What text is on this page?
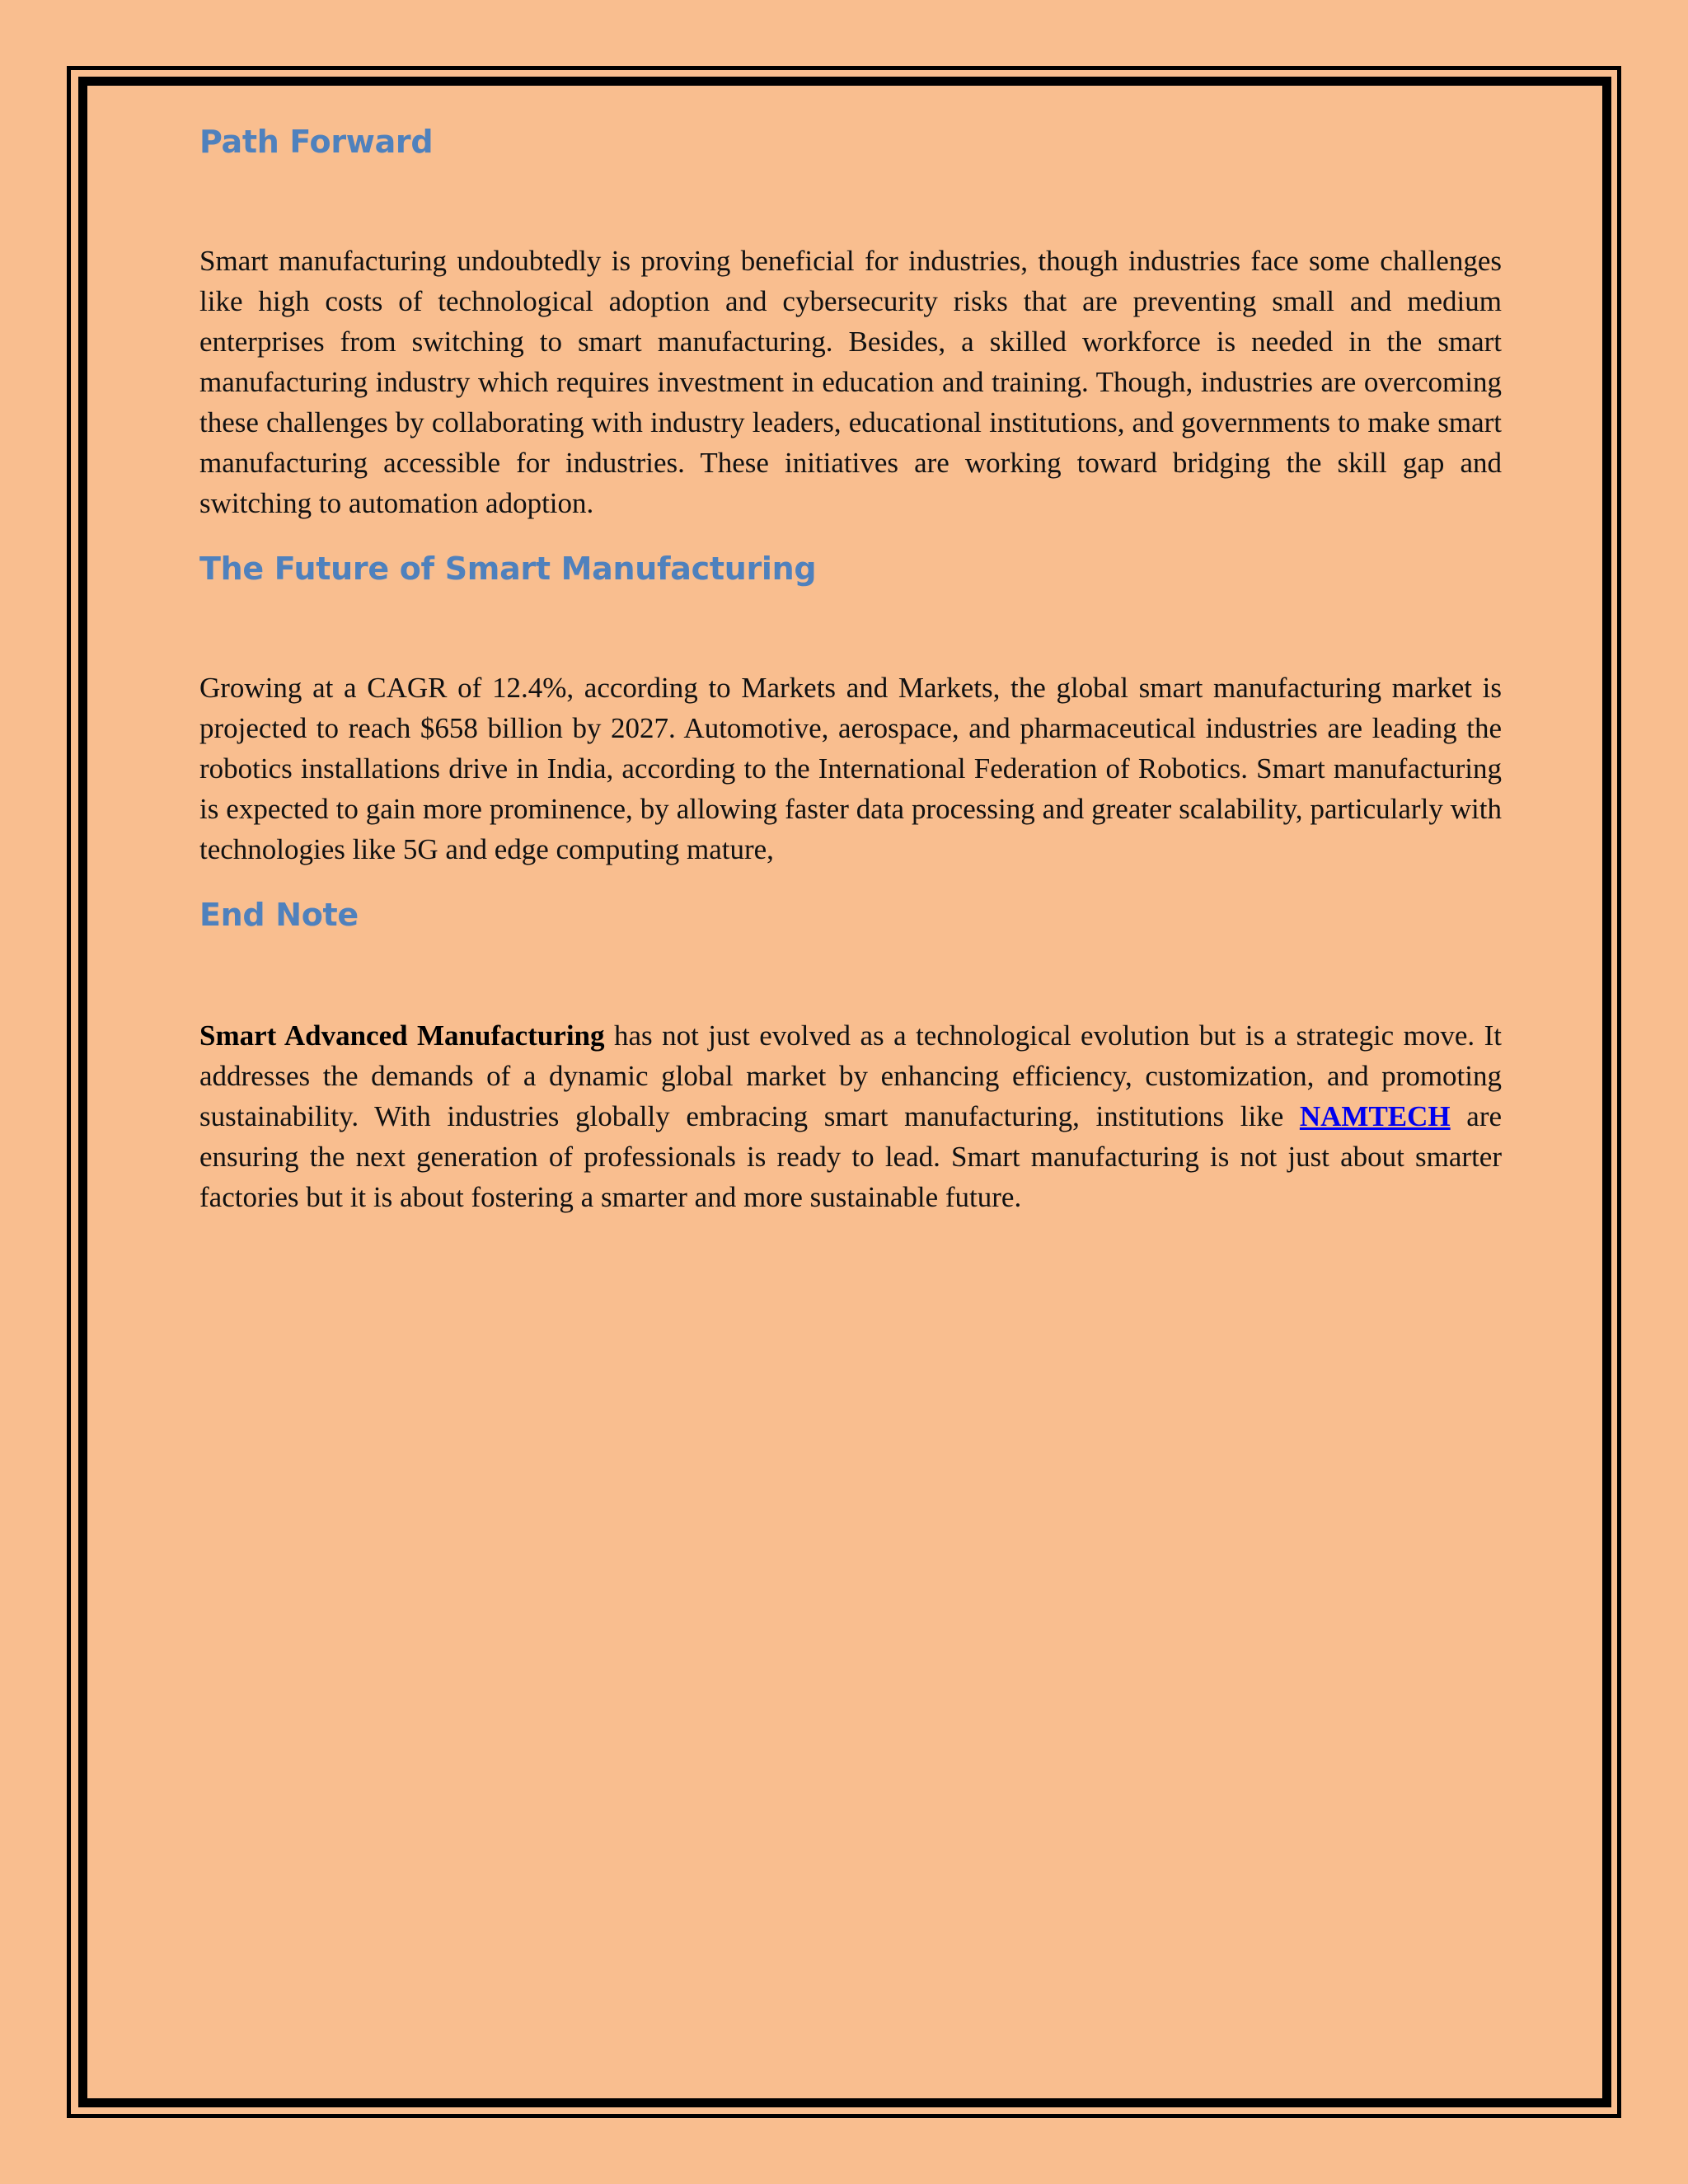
Path Forward

Smart manufacturing undoubtedly is proving beneficial for industries, though industries face some challenges like high costs of technological adoption and cybersecurity risks that are preventing small and medium enterprises from switching to smart manufacturing. Besides, a skilled workforce is needed in the smart manufacturing industry which requires investment in education and training. Though, industries are overcoming these challenges by collaborating with industry leaders, educational institutions, and governments to make smart manufacturing accessible for industries. These initiatives are working toward bridging the skill gap and switching to automation adoption.

The Future of Smart Manufacturing

Growing at a CAGR of 12.4%, according to Markets and Markets, the global smart manufacturing market is projected to reach $658 billion by 2027. Automotive, aerospace, and pharmaceutical industries are leading the robotics installations drive in India, according to the International Federation of Robotics. Smart manufacturing is expected to gain more prominence, by allowing faster data processing and greater scalability, particularly with technologies like 5G and edge computing mature,

End Note

Smart Advanced Manufacturing has not just evolved as a technological evolution but is a strategic move. It addresses the demands of a dynamic global market by enhancing efficiency, customization, and promoting sustainability. With industries globally embracing smart manufacturing, institutions like NAMTECH are ensuring the next generation of professionals is ready to lead. Smart manufacturing is not just about smarter factories but it is about fostering a smarter and more sustainable future.
